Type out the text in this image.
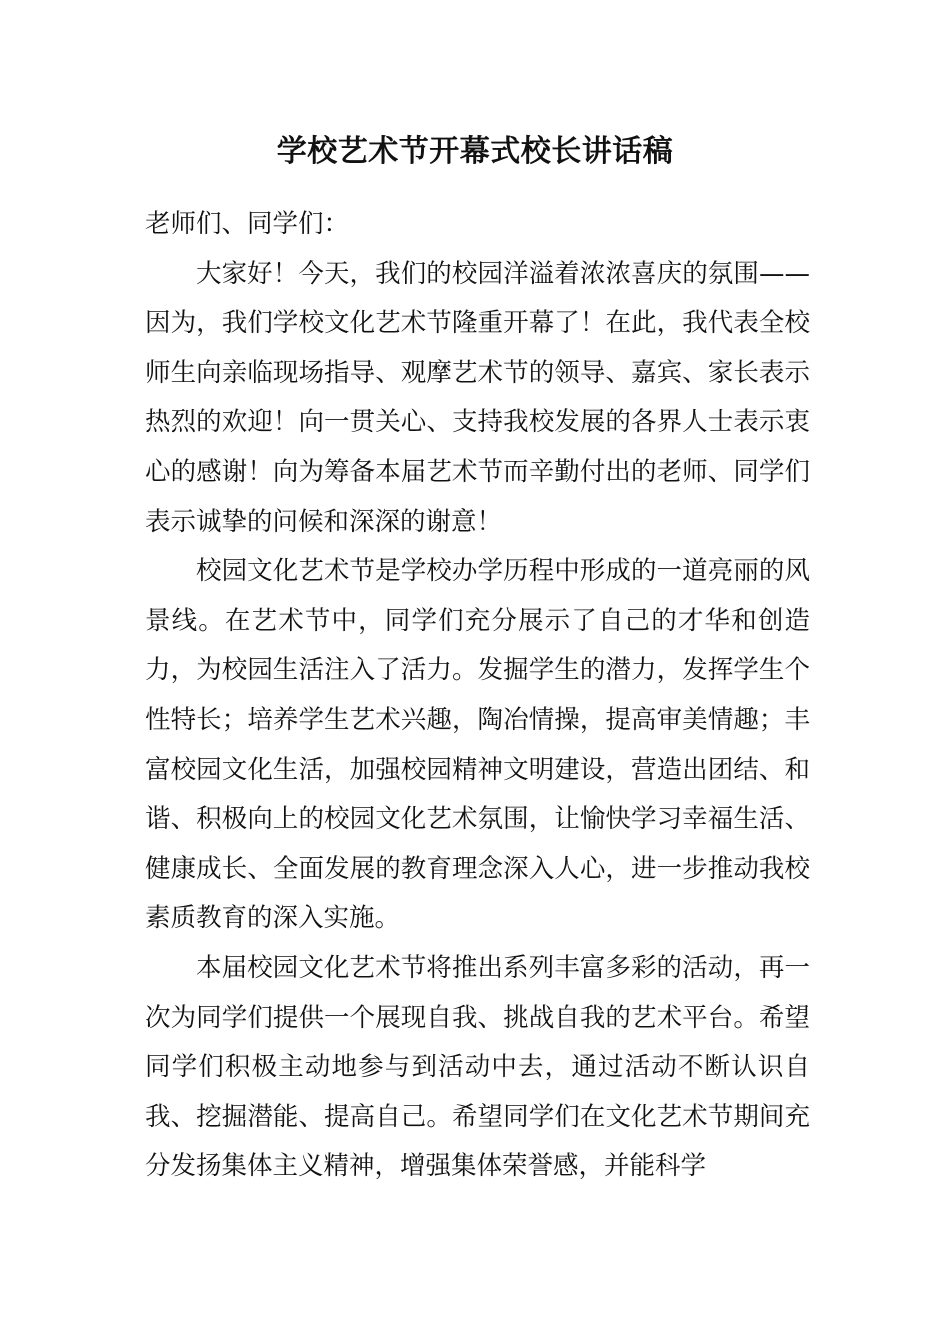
学校艺术节开幕式校长讲话稿

老师们、同学们：

大家好！今天，我们的校园洋溢着浓浓喜庆的氛围——因为，我们学校文化艺术节隆重开幕了！在此，我代表全校师生向亲临现场指导、观摩艺术节的领导、嘉宾、家长表示热烈的欢迎！向一贯关心、支持我校发展的各界人士表示衷心的感谢！向为筹备本届艺术节而辛勤付出的老师、同学们表示诚挚的问候和深深的谢意！

校园文化艺术节是学校办学历程中形成的一道亮丽的风景线。在艺术节中，同学们充分展示了自己的才华和创造力，为校园生活注入了活力。发掘学生的潜力，发挥学生个性特长；培养学生艺术兴趣，陶冶情操，提高审美情趣；丰富校园文化生活，加强校园精神文明建设，营造出团结、和谐、积极向上的校园文化艺术氛围，让愉快学习幸福生活、健康成长、全面发展的教育理念深入人心，进一步推动我校素质教育的深入实施。

本届校园文化艺术节将推出系列丰富多彩的活动，再一次为同学们提供一个展现自我、挑战自我的艺术平台。希望同学们积极主动地参与到活动中去，通过活动不断认识自我、挖掘潜能、提高自己。希望同学们在文化艺术节期间充分发扬集体主义精神，增强集体荣誉感，并能科学
